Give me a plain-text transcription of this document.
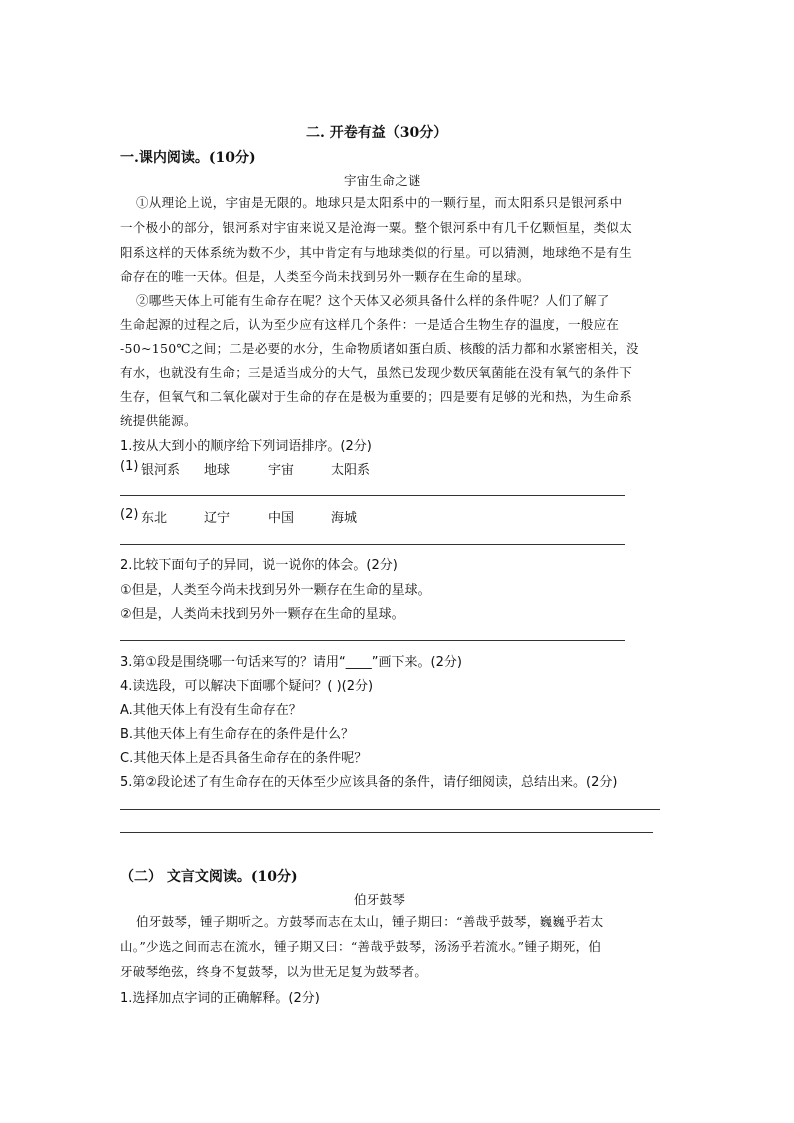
二. 开卷有益（30分）
一.课内阅读。(10分)
宇宙生命之谜
①从理论上说，宇宙是无限的。地球只是太阳系中的一颗行星，而太阳系只是银河系中
一个极小的部分，银河系对宇宙来说又是沧海一粟。整个银河系中有几千亿颗恒星，类似太
阳系这样的天体系统为数不少，其中肯定有与地球类似的行星。可以猜测，地球绝不是有生
命存在的唯一天体。但是，人类至今尚未找到另外一颗存在生命的星球。
②哪些天体上可能有生命存在呢？这个天体又必须具备什么样的条件呢？人们了解了
生命起源的过程之后，认为至少应有这样几个条件：一是适合生物生存的温度，一般应在
-50~150℃之间；二是必要的水分，生命物质诸如蛋白质、核酸的活力都和水紧密相关，没
有水，也就没有生命；三是适当成分的大气，虽然已发现少数厌氧菌能在没有氧气的条件下
生存，但氧气和二氧化碳对于生命的存在是极为重要的；四是要有足够的光和热，为生命系
统提供能源。
1.按从大到小的顺序给下列词语排序。(2分)
(1) 银河系 地球	宇宙	太阳系
(2) 东北	辽宁	中国	海城
2.比较下面句子的异同，说一说你的体会。(2分)
①但是，人类至今尚未找到另外一颗存在生命的星球。
②但是，人类尚未找到另外一颗存在生命的星球。
3.第①段是围绕哪一句话来写的？请用“____”画下来。(2分)
4.读选段，可以解决下面哪个疑问？( )(2分)
A.其他天体上有没有生命存在？
B.其他天体上有生命存在的条件是什么？
C.其他天体上是否具备生命存在的条件呢？
5.第②段论述了有生命存在的天体至少应该具备的条件，请仔细阅读，总结出来。(2分)
（二） 文言文阅读。(10分)
伯牙鼓琴
伯牙鼓琴，锺子期听之。方鼓琴而志在太山，锺子期曰：“善哉乎鼓琴，巍巍乎若太
山。”少选之间而志在流水，锺子期又曰：“善哉乎鼓琴，汤汤乎若流水。”锺子期死，伯
牙破琴绝弦，终身不复鼓琴，以为世无足复为鼓琴者。
1.选择加点字词的正确解释。(2分)
